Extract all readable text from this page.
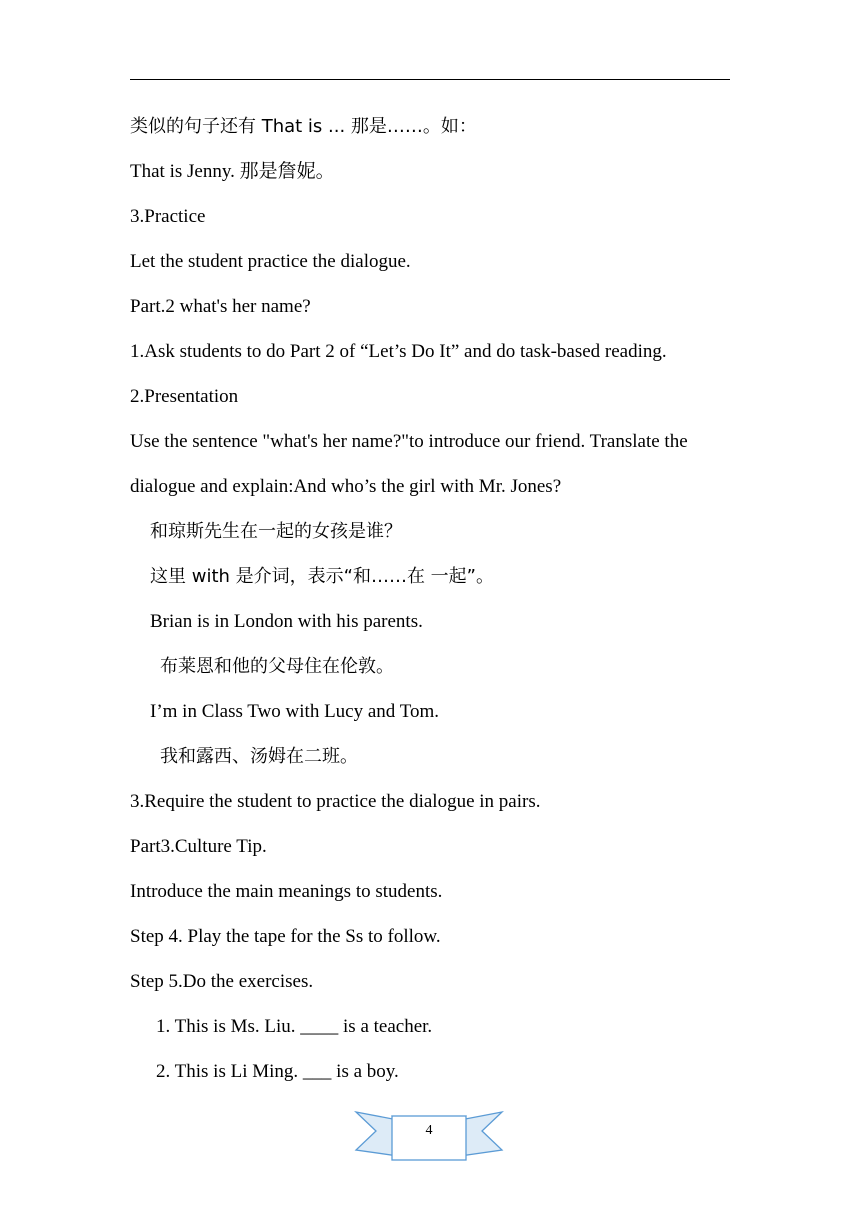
类似的句子还有 That is ... 那是……。如：
That is Jenny. 那是詹妮。
3.Practice
Let the student practice the dialogue.
Part.2 what's her name?
1.Ask students to do Part 2 of “Let’s Do It” and do task-based reading.
2.Presentation
Use the sentence "what's her name?"to introduce our friend. Translate the
dialogue and explain:And who’s the girl with Mr. Jones?
和琼斯先生在一起的女孩是谁？
这里 with 是介词，表示“和……在 一起”。
Brian is in London with his parents.
布莱恩和他的父母住在伦敦。
I’m in Class Two with Lucy and Tom.
我和露西、汤姆在二班。
3.Require the student to practice the dialogue in pairs.
Part3.Culture Tip.
Introduce the main meanings to students.
Step 4. Play the tape for the Ss to follow.
Step 5.Do the exercises.
1. This is Ms. Liu. ____ is a teacher.
2. This is Li Ming. ___ is a boy.
4
